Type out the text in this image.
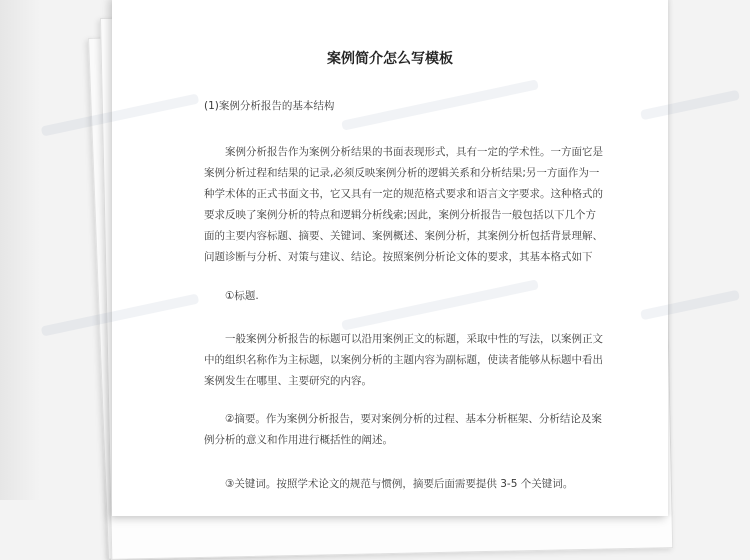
案例简介怎么写模板

(1)案例分析报告的基本结构

案例分析报告作为案例分析结果的书面表现形式，具有一定的学术性。一方面它是案例分析过程和结果的记录,必须反映案例分析的逻辑关系和分析结果;另一方面作为一种学术体的正式书面文书，它又具有一定的规范格式要求和语言文字要求。这种格式的要求反映了案例分析的特点和逻辑分析线索;因此，案例分析报告一般包括以下几个方面的主要内容标题、摘要、关键词、案例概述、案例分析，其案例分析包括背景理解、问题诊断与分析、对策与建议、结论。按照案例分析论文体的要求，其基本格式如下

①标题.

一般案例分析报告的标题可以沿用案例正文的标题，采取中性的写法，以案例正文中的组织名称作为主标题，以案例分析的主题内容为副标题，使读者能够从标题中看出案例发生在哪里、主要研究的内容。

②摘要。作为案例分析报告，要对案例分析的过程、基本分析框架、分析结论及案例分析的意义和作用进行概括性的阐述。

③关键词。按照学术论文的规范与惯例，摘要后面需要提供 3-5 个关键词。
